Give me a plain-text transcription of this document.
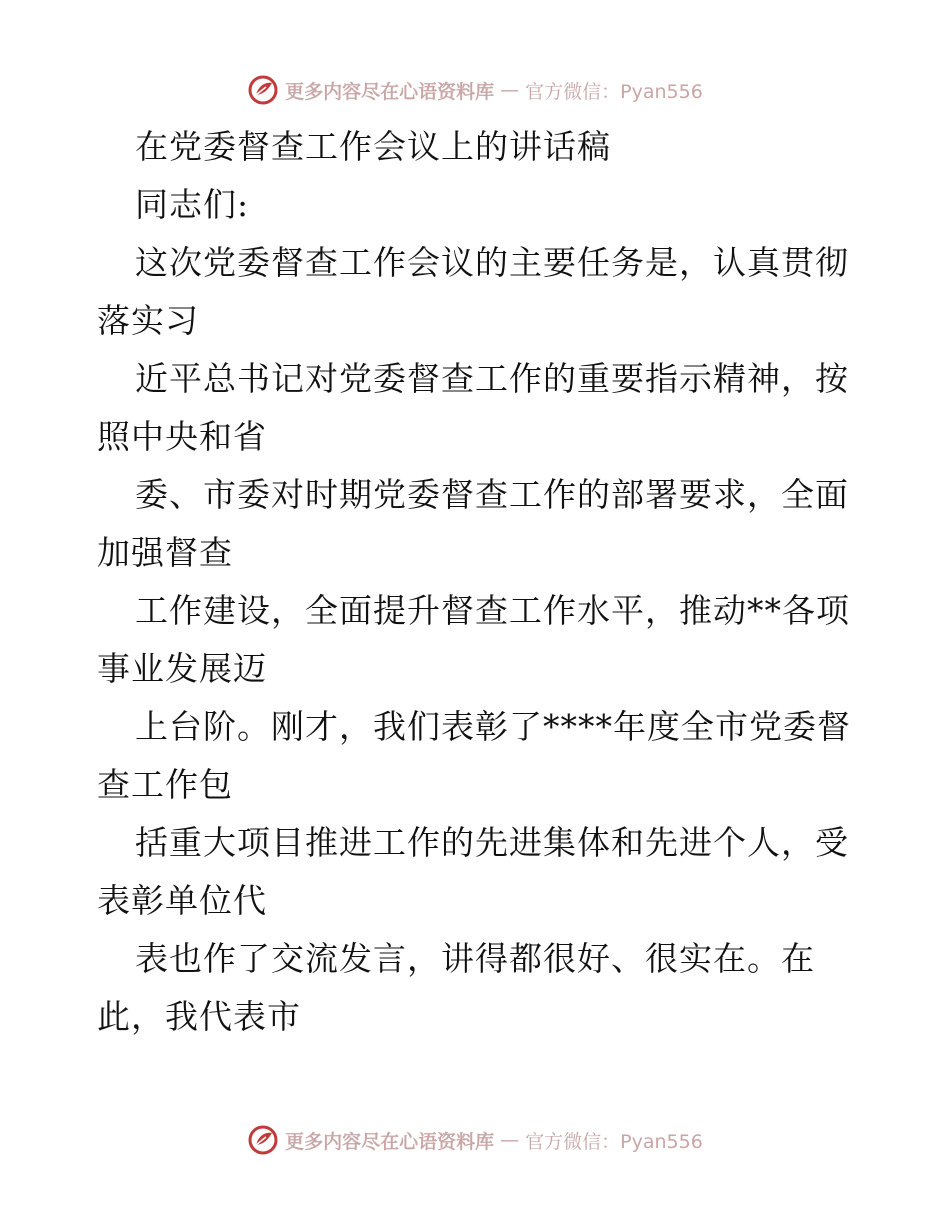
更多内容尽在心语资料库 — 官方微信：Pyan556
在党委督查工作会议上的讲话稿
同志们:
这次党委督查工作会议的主要任务是，认真贯彻
落实习
近平总书记对党委督查工作的重要指示精神，按
照中央和省
委、市委对时期党委督查工作的部署要求，全面
加强督查
工作建设，全面提升督查工作水平，推动**各项
事业发展迈
上台阶。刚才，我们表彰了****年度全市党委督
查工作包
括重大项目推进工作的先进集体和先进个人，受
表彰单位代
表也作了交流发言，讲得都很好、很实在。在
此，我代表市
更多内容尽在心语资料库 — 官方微信：Pyan556
